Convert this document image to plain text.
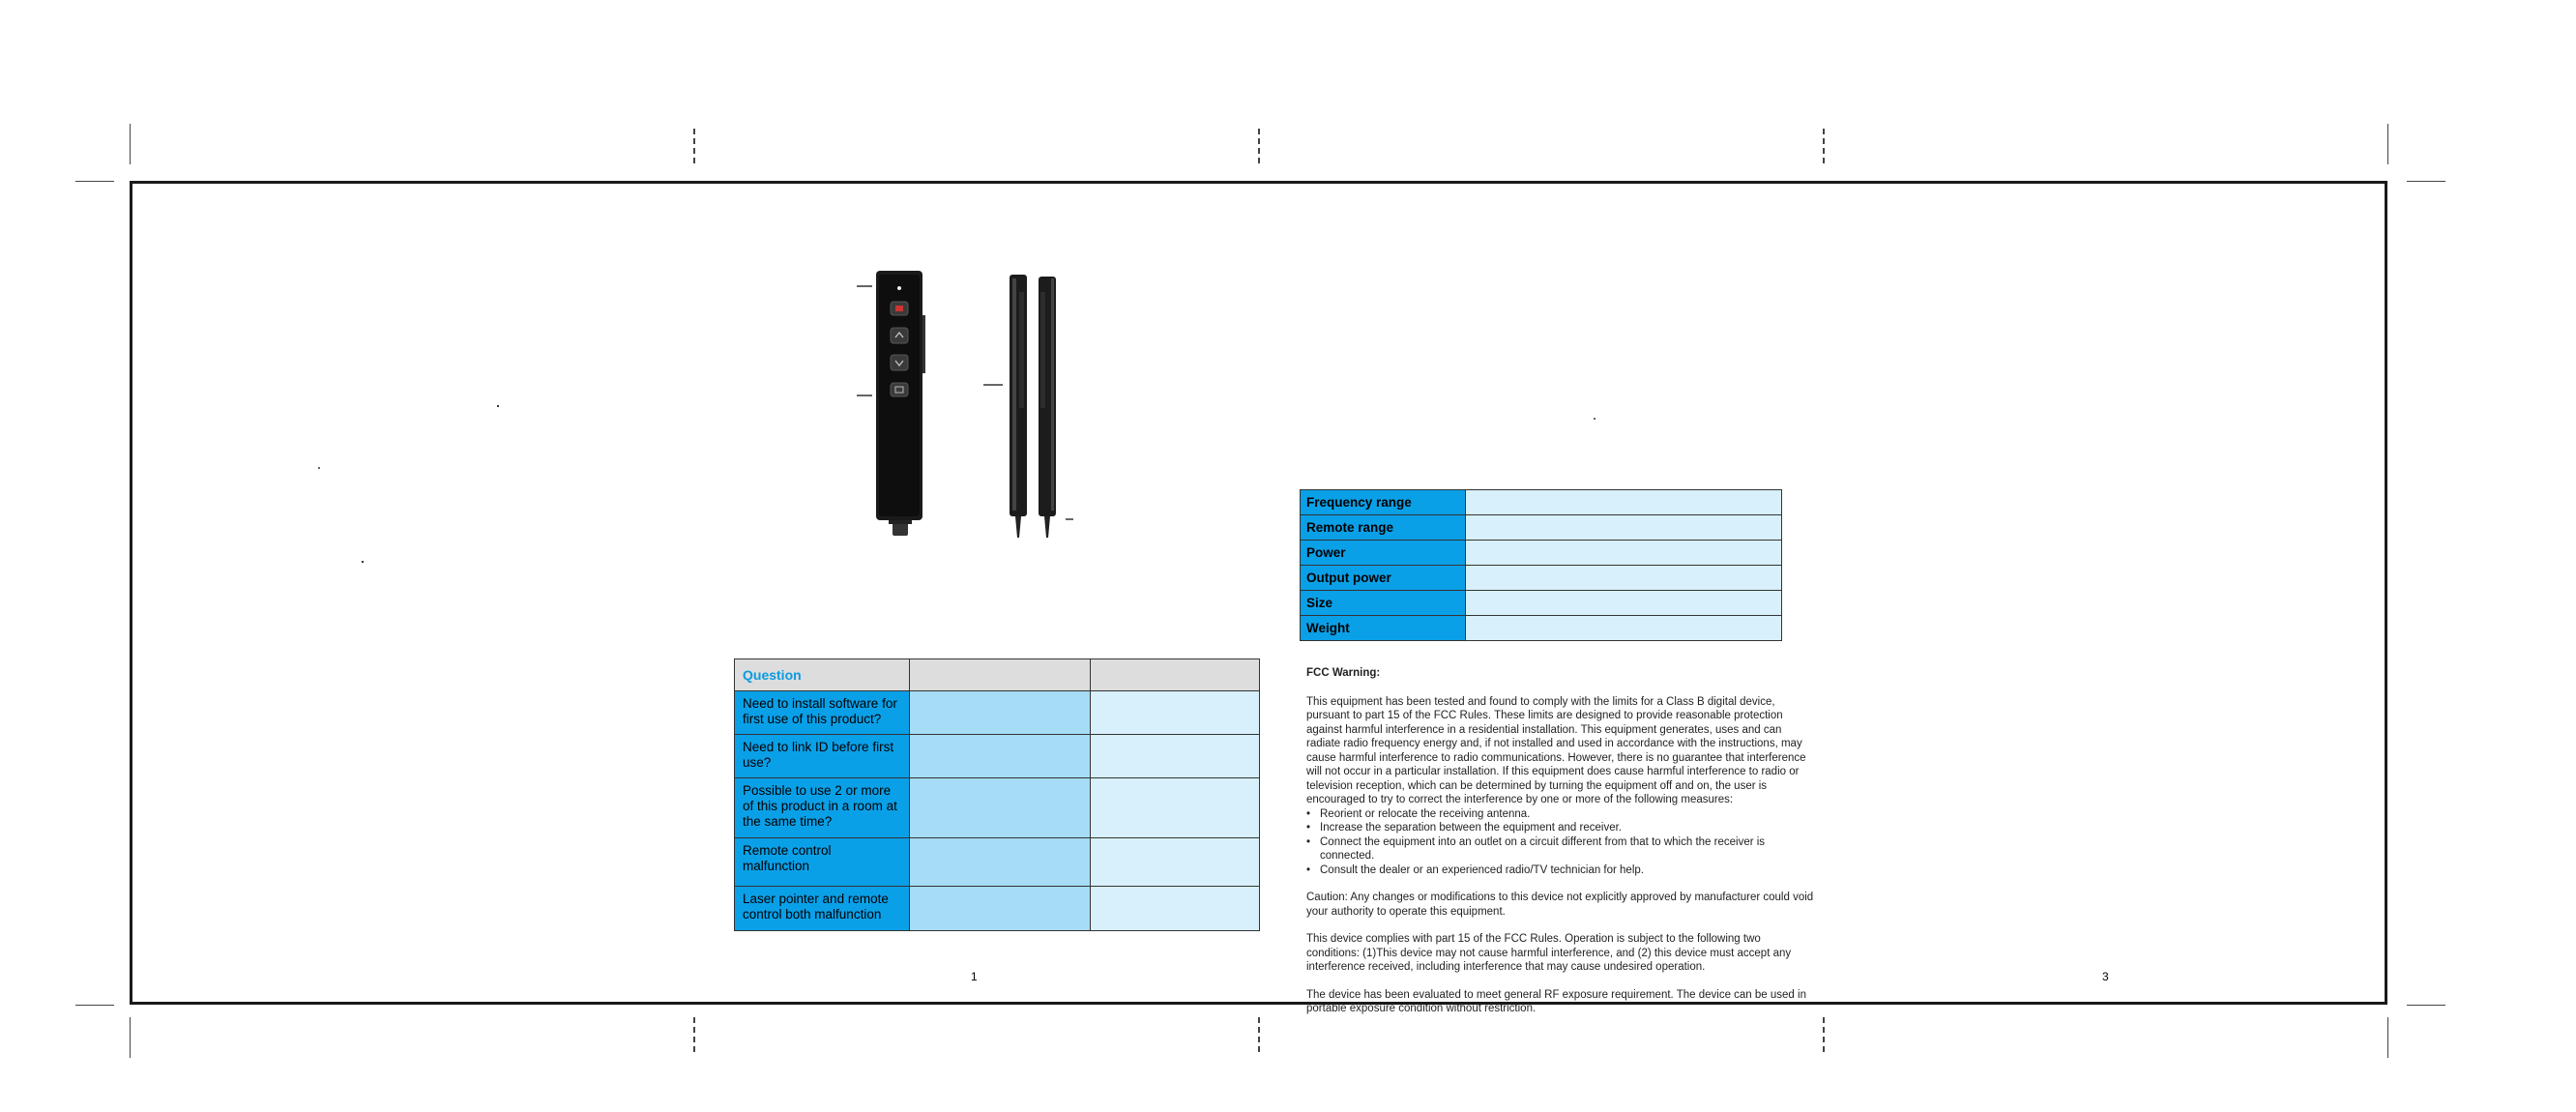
Question		
Need to install software for first use of this product?		
Need to link ID before first use?		
Possible to use 2 or more of this product in a room at the same time?		
Remote control malfunction		
Laser pointer and remote control both malfunction		
Frequency range	
Remote range	
Power	
Output power	
Size	
Weight	
FCC Warning:

This equipment has been tested and found to comply with the limits for a Class B digital device, pursuant to part 15 of the FCC Rules. These limits are designed to provide reasonable protection against harmful interference in a residential installation. This equipment generates, uses and can radiate radio frequency energy and, if not installed and used in accordance with the instructions, may cause harmful interference to radio communications. However, there is no guarantee that interference will not occur in a particular installation. If this equipment does cause harmful interference to radio or television reception, which can be determined by turning the equipment off and on, the user is encouraged to try to correct the interference by one or more of the following measures:

• Reorient or relocate the receiving antenna.
• Increase the separation between the equipment and receiver.
• Connect the equipment into an outlet on a circuit different from that to which the receiver is connected.
• Consult the dealer or an experienced radio/TV technician for help.

Caution: Any changes or modifications to this device not explicitly approved by manufacturer could void your authority to operate this equipment.

This device complies with part 15 of the FCC Rules. Operation is subject to the following two conditions: (1)This device may not cause harmful interference, and (2) this device must accept any interference received, including interference that may cause undesired operation.

The device has been evaluated to meet general RF exposure requirement. The device can be used in portable exposure condition without restriction.

1	3
